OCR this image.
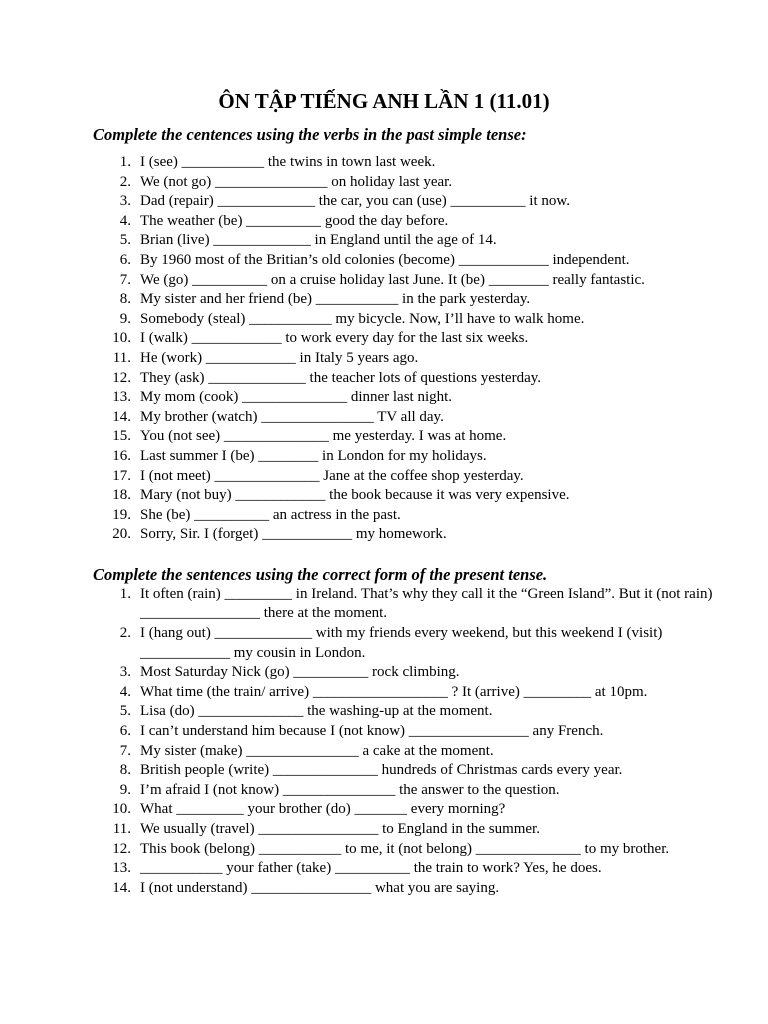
ÔN TẬP TIẾNG ANH LẦN 1 (11.01)
Complete the centences using the verbs in the past simple tense:
1. I (see) ___________ the twins in town last week.
2. We (not go) _______________ on holiday last year.
3. Dad (repair) _____________ the car, you can (use) __________ it now.
4. The weather (be) __________ good the day before.
5. Brian (live) _____________ in England until the age of 14.
6. By 1960 most of the Britian’s old colonies (become) ____________ independent.
7. We (go) __________ on a cruise holiday last June. It (be) ________ really fantastic.
8. My sister and her friend (be) ___________ in the park yesterday.
9. Somebody (steal) ___________ my bicycle. Now, I’ll have to walk home.
10. I (walk) ____________ to work every day for the last six weeks.
11. He (work) ____________ in Italy 5 years ago.
12. They (ask) _____________ the teacher lots of questions yesterday.
13. My mom (cook) ______________ dinner last night.
14. My brother (watch) _______________ TV all day.
15. You (not see) ______________ me yesterday. I was at home.
16. Last summer I (be) ________ in London for my holidays.
17. I (not meet) ______________ Jane at the coffee shop yesterday.
18. Mary (not buy) ____________ the book because it was very expensive.
19. She (be) __________ an actress in the past.
20. Sorry, Sir. I (forget) ____________ my homework.
Complete the sentences using the correct form of the present tense.
1. It often (rain) _________ in Ireland. That’s why they call it the “Green Island”. But it (not rain) ________________ there at the moment.
2. I (hang out) _____________ with my friends every weekend, but this weekend I (visit) ____________ my cousin in London.
3. Most Saturday Nick (go) __________ rock climbing.
4. What time (the train/ arrive) __________________ ? It (arrive) _________ at 10pm.
5. Lisa (do) ______________ the washing-up at the moment.
6. I can’t understand him because I (not know) ________________ any French.
7. My sister (make) _______________ a cake at the moment.
8. British people (write) ______________ hundreds of Christmas cards every year.
9. I’m afraid I (not know) _______________ the answer to the question.
10. What _________ your brother (do) _______ every morning?
11. We usually (travel) ________________ to England in the summer.
12. This book (belong) ___________ to me, it (not belong) ______________ to my brother.
13. ___________ your father (take) __________ the train to work? Yes, he does.
14. I (not understand) ________________ what you are saying.
